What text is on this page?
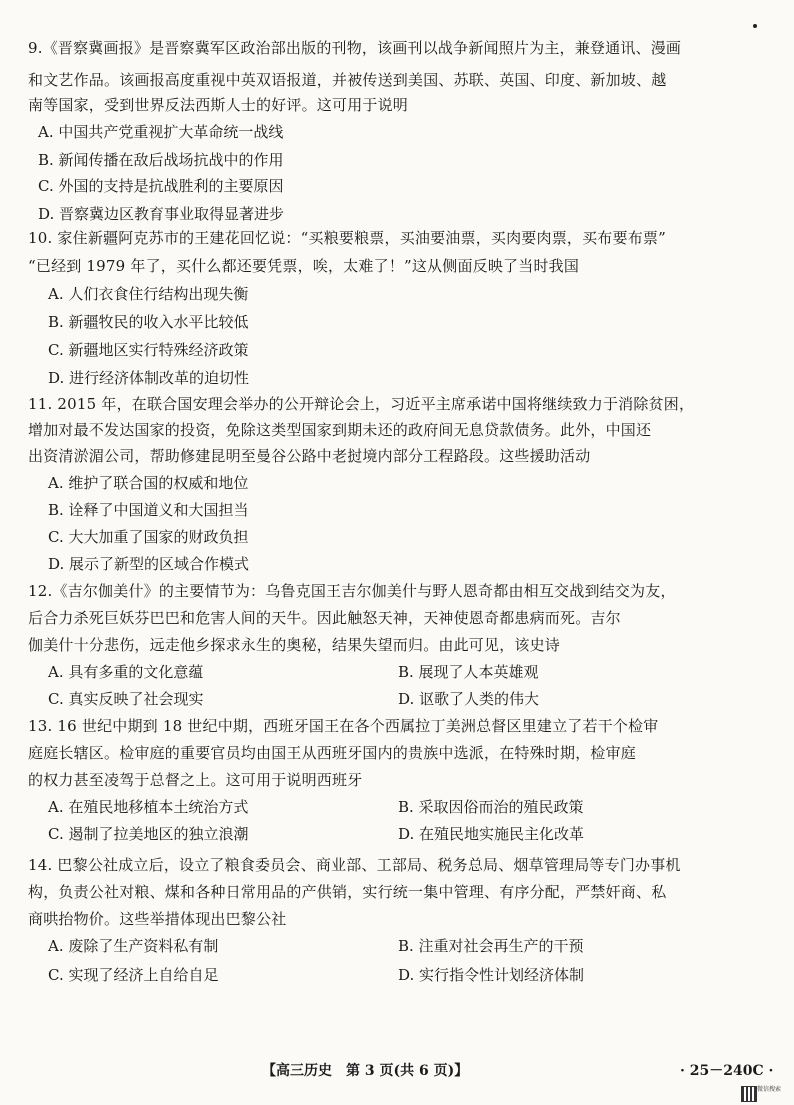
9.《晋察冀画报》是晋察冀军区政治部出版的刊物，该画刊以战争新闻照片为主，兼登通讯、漫画
和文艺作品。该画报高度重视中英双语报道，并被传送到美国、苏联、英国、印度、新加坡、越
南等国家，受到世界反法西斯人士的好评。这可用于说明
A. 中国共产党重视扩大革命统一战线
B. 新闻传播在敌后战场抗战中的作用
C. 外国的支持是抗战胜利的主要原因
D. 晋察冀边区教育事业取得显著进步
10. 家住新疆阿克苏市的王建花回忆说：“买粮要粮票，买油要油票，买肉要肉票，买布要布票”
“已经到 1979 年了，买什么都还要凭票，唉，太难了！”这从侧面反映了当时我国
A. 人们衣食住行结构出现失衡
B. 新疆牧民的收入水平比较低
C. 新疆地区实行特殊经济政策
D. 进行经济体制改革的迫切性
11. 2015 年，在联合国安理会举办的公开辩论会上，习近平主席承诺中国将继续致力于消除贫困，
增加对最不发达国家的投资，免除这类型国家到期未还的政府间无息贷款债务。此外，中国还
出资清淤湄公司，帮助修建昆明至曼谷公路中老挝境内部分工程路段。这些援助活动
A. 维护了联合国的权威和地位
B. 诠释了中国道义和大国担当
C. 大大加重了国家的财政负担
D. 展示了新型的区域合作模式
12.《吉尔伽美什》的主要情节为：乌鲁克国王吉尔伽美什与野人恩奇都由相互交战到结交为友，
后合力杀死巨妖芬巴巴和危害人间的天牛。因此触怒天神，天神使恩奇都患病而死。吉尔
伽美什十分悲伤，远走他乡探求永生的奥秘，结果失望而归。由此可见，该史诗
A. 具有多重的文化意蕴	B. 展现了人本英雄观
C. 真实反映了社会现实	D. 讴歌了人类的伟大
13. 16 世纪中期到 18 世纪中期，西班牙国王在各个西属拉丁美洲总督区里建立了若干个检审
庭庭长辖区。检审庭的重要官员均由国王从西班牙国内的贵族中选派，在特殊时期，检审庭
的权力甚至凌驾于总督之上。这可用于说明西班牙
A. 在殖民地移植本土统治方式	B. 采取因俗而治的殖民政策
C. 遏制了拉美地区的独立浪潮	D. 在殖民地实施民主化改革
14. 巴黎公社成立后，设立了粮食委员会、商业部、工部局、税务总局、烟草管理局等专门办事机
构，负责公社对粮、煤和各种日常用品的产供销，实行统一集中管理、有序分配，严禁奸商、私
商哄抬物价。这些举措体现出巴黎公社
A. 废除了生产资料私有制	B. 注重对社会再生产的干预
C. 实现了经济上自给自足	D. 实行指令性计划经济体制
【高三历史　第 3 页(共 6 页)】	· 25－240C ·
微信搜索
